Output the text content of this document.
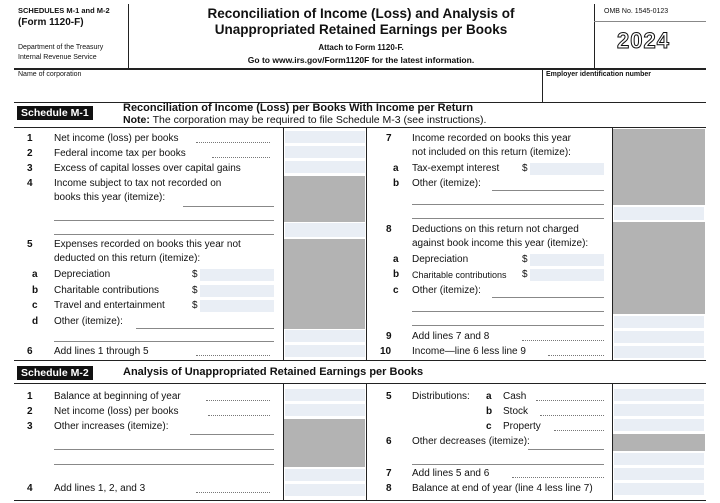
SCHEDULES M-1 and M-2
(Form 1120-F)
Department of the Treasury
Internal Revenue Service
Reconciliation of Income (Loss) and Analysis of
Unappropriated Retained Earnings per Books
Attach to Form 1120-F.
Go to www.irs.gov/Form1120F for the latest information.
OMB No. 1545-0123
2024
Name of corporation	Employer identification number
Schedule M-1	Reconciliation of Income (Loss) per Books With Income per Return
Note: The corporation may be required to file Schedule M-3 (see instructions).
1 Net income (loss) per books
2 Federal income tax per books
3 Excess of capital losses over capital gains
4 Income subject to tax not recorded on
books this year (itemize):
5 Expenses recorded on books this year not
deducted on this return (itemize):
a Depreciation	$
b Charitable contributions	$
c Travel and entertainment	$
d Other (itemize):
6 Add lines 1 through 5
7 Income recorded on books this year
not included on this return (itemize):
a Tax-exempt interest $
b Other (itemize):
8 Deductions on this return not charged
against book income this year (itemize):
a Depreciation	$
b Charitable contributions $
c Other (itemize):
9 Add lines 7 and 8
10 Income—line 6 less line 9
Schedule M-2	Analysis of Unappropriated Retained Earnings per Books
1 Balance at beginning of year
2 Net income (loss) per books
3 Other increases (itemize):
4 Add lines 1, 2, and 3
5 Distributions: a Cash
b Stock
c Property
6 Other decreases (itemize):
7 Add lines 5 and 6
8 Balance at end of year (line 4 less line 7)
